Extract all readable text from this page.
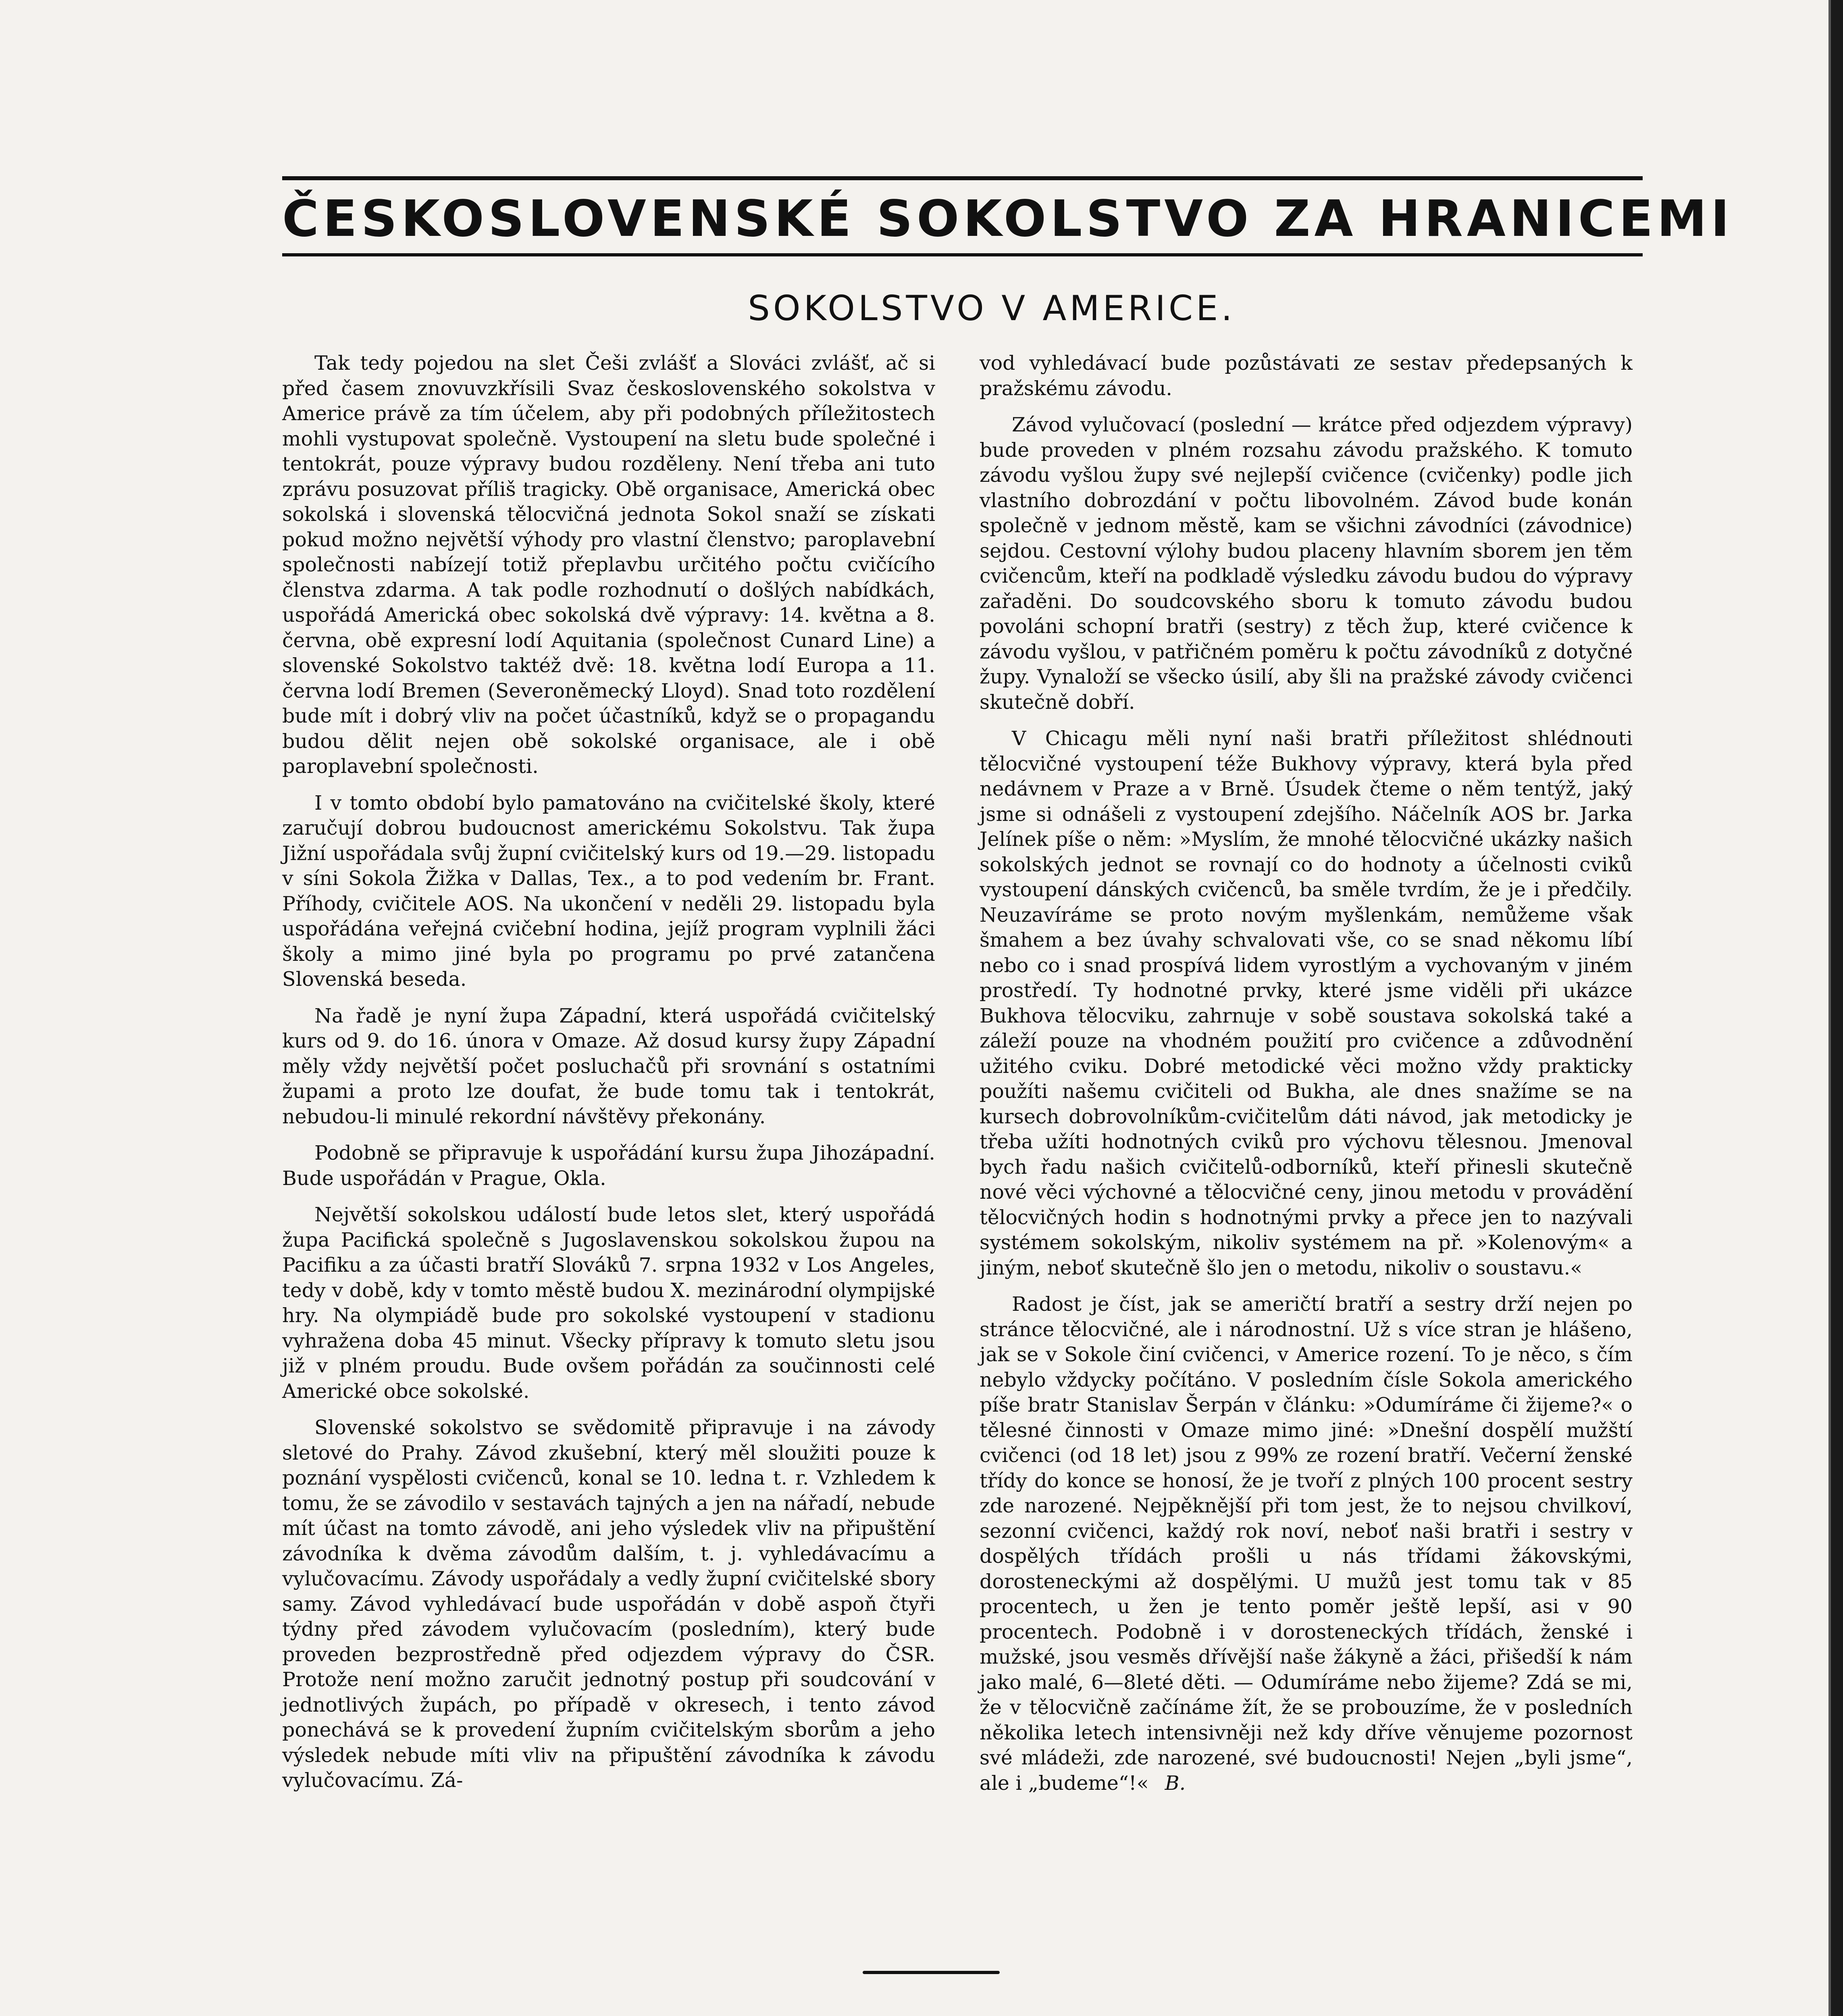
ČESKOSLOVENSKÉ SOKOLSTVO ZA HRANICEMI
SOKOLSTVO V AMERICE.

Tak tedy pojedou na slet Češi zvlášť a Slováci zvlášť, ač si před časem znovuvzkřísili Svaz československého sokolstva v Americe právě za tím účelem, aby při podobných příležitostech mohli vystupovat společně. Vystoupení na sletu bude společné i tentokrát, pouze výpravy budou rozděleny. Není třeba ani tuto zprávu posuzovat příliš tragicky. Obě organisace, Americká obec sokolská i slovenská tělocvičná jednota Sokol snaží se získati pokud možno největší výhody pro vlastní členstvo; paroplavební společnosti nabízejí totiž přeplavbu určitého počtu cvičícího členstva zdarma. A tak podle rozhodnutí o došlých nabídkách, uspořádá Americká obec sokolská dvě výpravy: 14. května a 8. června, obě expresní lodí Aquitania (společnost Cunard Line) a slovenské Sokolstvo taktéž dvě: 18. května lodí Europa a 11. června lodí Bremen (Severoněmecký Lloyd). Snad toto rozdělení bude mít i dobrý vliv na počet účastníků, když se o propagandu budou dělit nejen obě sokolské organisace, ale i obě paroplavební společnosti.

I v tomto období bylo pamatováno na cvičitelské školy, které zaručují dobrou budoucnost americkému Sokolstvu. Tak župa Jižní uspořádala svůj župní cvičitelský kurs od 19.—29. listopadu v síni Sokola Žižka v Dallas, Tex., a to pod vedením br. Frant. Příhody, cvičitele AOS. Na ukončení v neděli 29. listopadu byla uspořádána veřejná cvičební hodina, jejíž program vyplnili žáci školy a mimo jiné byla po programu po prvé zatančena Slovenská beseda.

Na řadě je nyní župa Západní, která uspořádá cvičitelský kurs od 9. do 16. února v Omaze. Až dosud kursy župy Západní měly vždy největší počet posluchačů při srovnání s ostatními župami a proto lze doufat, že bude tomu tak i tentokrát, nebudou-li minulé rekordní návštěvy překonány.

Podobně se připravuje k uspořádání kursu župa Jihozápadní. Bude uspořádán v Prague, Okla.

Největší sokolskou událostí bude letos slet, který uspořádá župa Pacifická společně s Jugoslavenskou sokolskou župou na Pacifiku a za účasti bratří Slováků 7. srpna 1932 v Los Angeles, tedy v době, kdy v tomto městě budou X. mezinárodní olympijské hry. Na olympiádě bude pro sokolské vystoupení v stadionu vyhražena doba 45 minut. Všecky přípravy k tomuto sletu jsou již v plném proudu. Bude ovšem pořádán za součinnosti celé Americké obce sokolské.

Slovenské sokolstvo se svědomitě připravuje i na závody sletové do Prahy. Závod zkušební, který měl sloužiti pouze k poznání vyspělosti cvičenců, konal se 10. ledna t. r. Vzhledem k tomu, že se závodilo v sestavách tajných a jen na nářadí, nebude mít účast na tomto závodě, ani jeho výsledek vliv na připuštění závodníka k dvěma závodům dalším, t. j. vyhledávacímu a vylučovacímu. Závody uspořádaly a vedly župní cvičitelské sbory samy. Závod vyhledávací bude uspořádán v době aspoň čtyři týdny před závodem vylučovacím (posledním), který bude proveden bezprostředně před odjezdem výpravy do ČSR. Protože není možno zaručit jednotný postup při soudcování v jednotlivých župách, po případě v okresech, i tento závod ponechává se k provedení župním cvičitelským sborům a jeho výsledek nebude míti vliv na připuštění závodníka k závodu vylučovacímu. Zá-

vod vyhledávací bude pozůstávati ze sestav předepsaných k pražskému závodu.

Závod vylučovací (poslední — krátce před odjezdem výpravy) bude proveden v plném rozsahu závodu pražského. K tomuto závodu vyšlou župy své nejlepší cvičence (cvičenky) podle jich vlastního dobrozdání v počtu libovolném. Závod bude konán společně v jednom městě, kam se všichni závodníci (závodnice) sejdou. Cestovní výlohy budou placeny hlavním sborem jen těm cvičencům, kteří na podkladě výsledku závodu budou do výpravy zařaděni. Do soudcovského sboru k tomuto závodu budou povoláni schopní bratři (sestry) z těch žup, které cvičence k závodu vyšlou, v patřičném poměru k počtu závodníků z dotyčné župy. Vynaloží se všecko úsilí, aby šli na pražské závody cvičenci skutečně dobří.

V Chicagu měli nyní naši bratři příležitost shlédnouti tělocvičné vystoupení téže Bukhovy výpravy, která byla před nedávnem v Praze a v Brně. Úsudek čteme o něm tentýž, jaký jsme si odnášeli z vystoupení zdejšího. Náčelník AOS br. Jarka Jelínek píše o něm: »Myslím, že mnohé tělocvičné ukázky našich sokolských jednot se rovnají co do hodnoty a účelnosti cviků vystoupení dánských cvičenců, ba směle tvrdím, že je i předčily. Neuzavíráme se proto novým myšlenkám, nemůžeme však šmahem a bez úvahy schvalovati vše, co se snad někomu líbí nebo co i snad prospívá lidem vyrostlým a vychovaným v jiném prostředí. Ty hodnotné prvky, které jsme viděli při ukázce Bukhova tělocviku, zahrnuje v sobě soustava sokolská také a záleží pouze na vhodném použití pro cvičence a zdůvodnění užitého cviku. Dobré metodické věci možno vždy prakticky použíti našemu cvičiteli od Bukha, ale dnes snažíme se na kursech dobrovolníkům-cvičitelům dáti návod, jak metodicky je třeba užíti hodnotných cviků pro výchovu tělesnou. Jmenoval bych řadu našich cvičitelů-odborníků, kteří přinesli skutečně nové věci výchovné a tělocvičné ceny, jinou metodu v provádění tělocvičných hodin s hodnotnými prvky a přece jen to nazývali systémem sokolským, nikoliv systémem na př. »Kolenovým« a jiným, neboť skutečně šlo jen o metodu, nikoliv o soustavu.«

Radost je číst, jak se američtí bratří a sestry drží nejen po stránce tělocvičné, ale i národnostní. Už s více stran je hlášeno, jak se v Sokole činí cvičenci, v Americe rození. To je něco, s čím nebylo vždycky počítáno. V posledním čísle Sokola amerického píše bratr Stanislav Šerpán v článku: »Odumíráme či žijeme?« o tělesné činnosti v Omaze mimo jiné: »Dnešní dospělí mužští cvičenci (od 18 let) jsou z 99% ze rození bratří. Večerní ženské třídy do konce se honosí, že je tvoří z plných 100 procent sestry zde narozené. Nejpěknější při tom jest, že to nejsou chvilkoví, sezonní cvičenci, každý rok noví, neboť naši bratři i sestry v dospělých třídách prošli u nás třídami žákovskými, dorosteneckými až dospělými. U mužů jest tomu tak v 85 procentech, u žen je tento poměr ještě lepší, asi v 90 procentech. Podobně i v dorosteneckých třídách, ženské i mužské, jsou vesměs dřívější naše žákyně a žáci, přišedší k nám jako malé, 6—8leté děti. — Odumíráme nebo žijeme? Zdá se mi, že v tělocvičně začínáme žít, že se probouzíme, že v posledních několika letech intensivněji než kdy dříve věnujeme pozornost své mládeži, zde narozené, své budoucnosti! Nejen „byli jsme“, ale i „budeme“!« B.
